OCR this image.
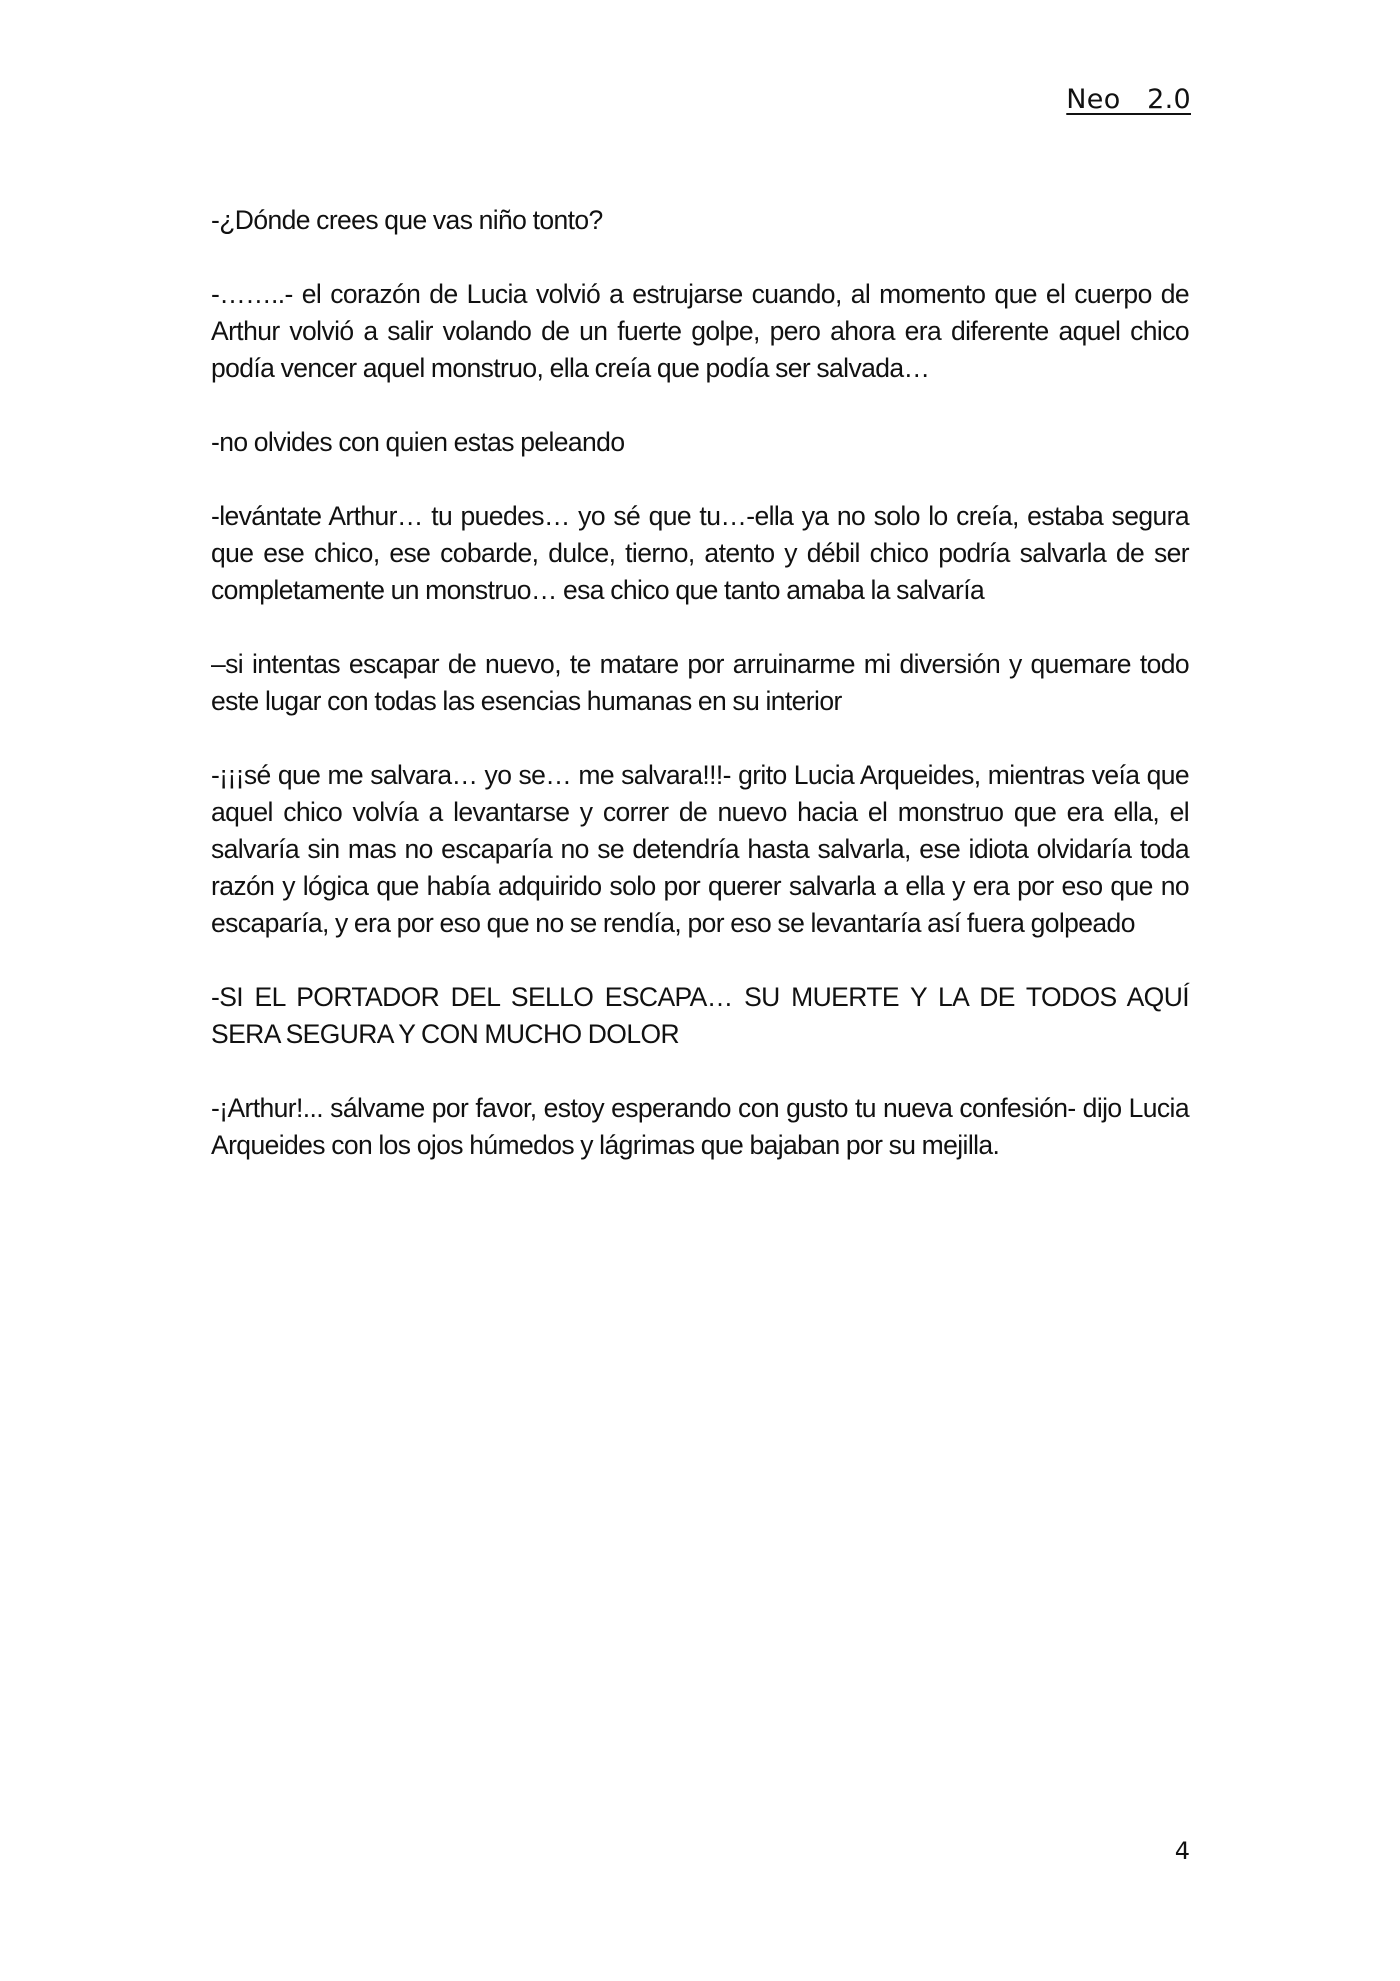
Neo   2.0

-¿Dónde crees que vas niño tonto?

-……..- el corazón de Lucia volvió a estrujarse cuando, al momento que el cuerpo de Arthur volvió a salir volando de un fuerte golpe, pero ahora era diferente aquel chico podía vencer aquel monstruo, ella creía que podía ser salvada…

-no olvides con quien estas peleando

-levántate Arthur… tu puedes… yo sé que tu…-ella ya no solo lo creía, estaba segura que ese chico, ese cobarde, dulce, tierno, atento y débil chico podría salvarla de ser completamente un monstruo… esa chico que tanto amaba la salvaría

–si intentas escapar de nuevo, te matare por arruinarme mi diversión y quemare todo este lugar con todas las esencias humanas en su interior

-¡¡¡sé que me salvara… yo se… me salvara!!!- grito Lucia Arqueides, mientras veía que aquel chico volvía a levantarse y correr de nuevo hacia el monstruo que era ella, el salvaría sin mas no escaparía no se detendría hasta salvarla, ese idiota olvidaría toda razón y lógica que había adquirido solo por querer salvarla a ella y era por eso que no escaparía, y era por eso que no se rendía, por eso se levantaría así fuera golpeado

-SI EL PORTADOR DEL SELLO ESCAPA… SU MUERTE Y LA DE TODOS AQUÍ SERA SEGURA Y CON MUCHO DOLOR

-¡Arthur!... sálvame por favor, estoy esperando con gusto tu nueva confesión- dijo Lucia Arqueides con los ojos húmedos y lágrimas que bajaban por su mejilla.

4
